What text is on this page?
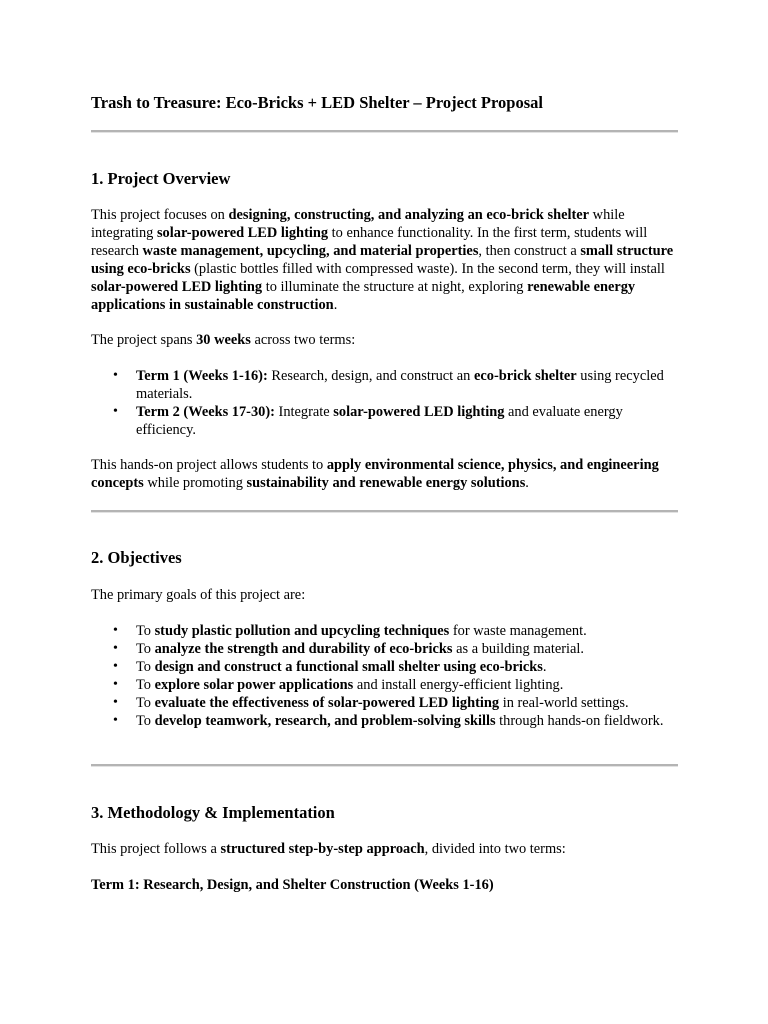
Trash to Treasure: Eco-Bricks + LED Shelter – Project Proposal
1. Project Overview

This project focuses on designing, constructing, and analyzing an eco-brick shelter while integrating solar-powered LED lighting to enhance functionality. In the first term, students will research waste management, upcycling, and material properties, then construct a small structure using eco-bricks (plastic bottles filled with compressed waste). In the second term, they will install solar-powered LED lighting to illuminate the structure at night, exploring renewable energy applications in sustainable construction.

The project spans 30 weeks across two terms:

• Term 1 (Weeks 1-16): Research, design, and construct an eco-brick shelter using recycled materials.
• Term 2 (Weeks 17-30): Integrate solar-powered LED lighting and evaluate energy efficiency.

This hands-on project allows students to apply environmental science, physics, and engineering concepts while promoting sustainability and renewable energy solutions.

2. Objectives

The primary goals of this project are:

• To study plastic pollution and upcycling techniques for waste management.
• To analyze the strength and durability of eco-bricks as a building material.
• To design and construct a functional small shelter using eco-bricks.
• To explore solar power applications and install energy-efficient lighting.
• To evaluate the effectiveness of solar-powered LED lighting in real-world settings.
• To develop teamwork, research, and problem-solving skills through hands-on fieldwork.
3. Methodology & Implementation

This project follows a structured step-by-step approach, divided into two terms:

Term 1: Research, Design, and Shelter Construction (Weeks 1-16)
